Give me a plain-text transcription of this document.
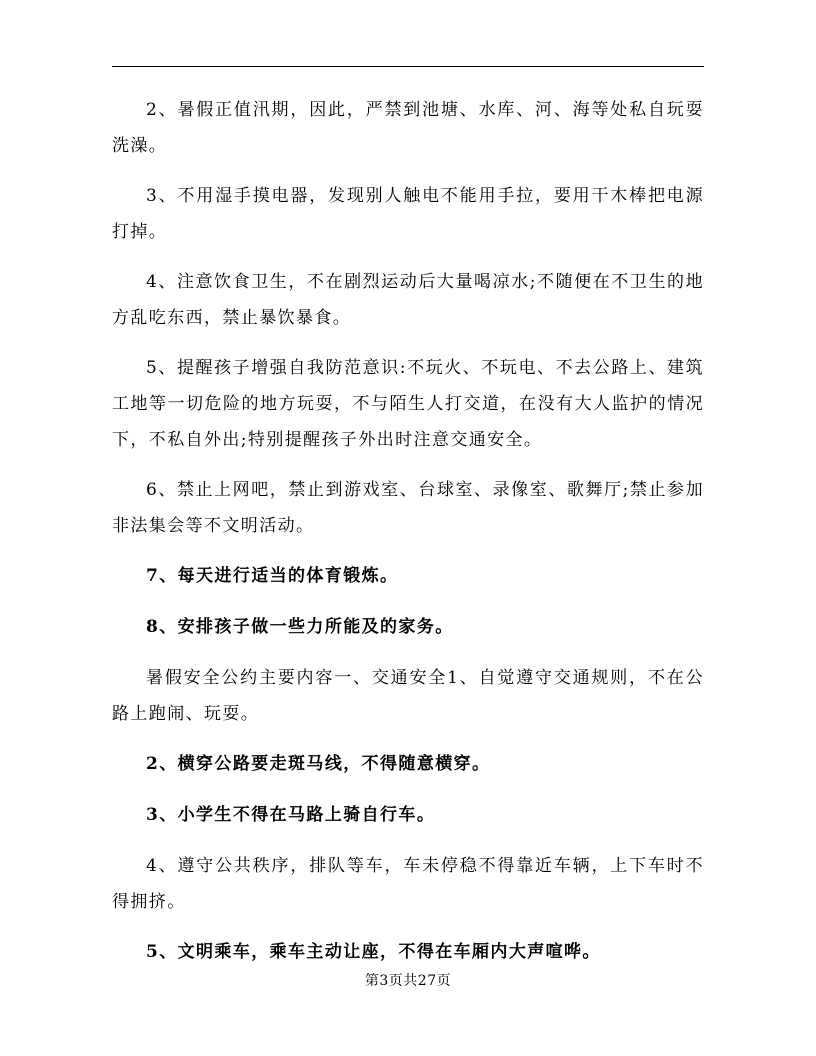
2、暑假正值汛期，因此，严禁到池塘、水库、河、海等处私自玩耍洗澡。

3、不用湿手摸电器，发现别人触电不能用手拉，要用干木棒把电源打掉。

4、注意饮食卫生，不在剧烈运动后大量喝凉水;不随便在不卫生的地方乱吃东西，禁止暴饮暴食。

5、提醒孩子增强自我防范意识:不玩火、不玩电、不去公路上、建筑工地等一切危险的地方玩耍，不与陌生人打交道，在没有大人监护的情况下，不私自外出;特别提醒孩子外出时注意交通安全。

6、禁止上网吧，禁止到游戏室、台球室、录像室、歌舞厅;禁止参加非法集会等不文明活动。

7、每天进行适当的体育锻炼。

8、安排孩子做一些力所能及的家务。

暑假安全公约主要内容一、交通安全1、自觉遵守交通规则，不在公路上跑闹、玩耍。

2、横穿公路要走斑马线，不得随意横穿。

3、小学生不得在马路上骑自行车。

4、遵守公共秩序，排队等车，车未停稳不得靠近车辆，上下车时不得拥挤。

5、文明乘车，乘车主动让座，不得在车厢内大声喧哗。

第3页共27页
